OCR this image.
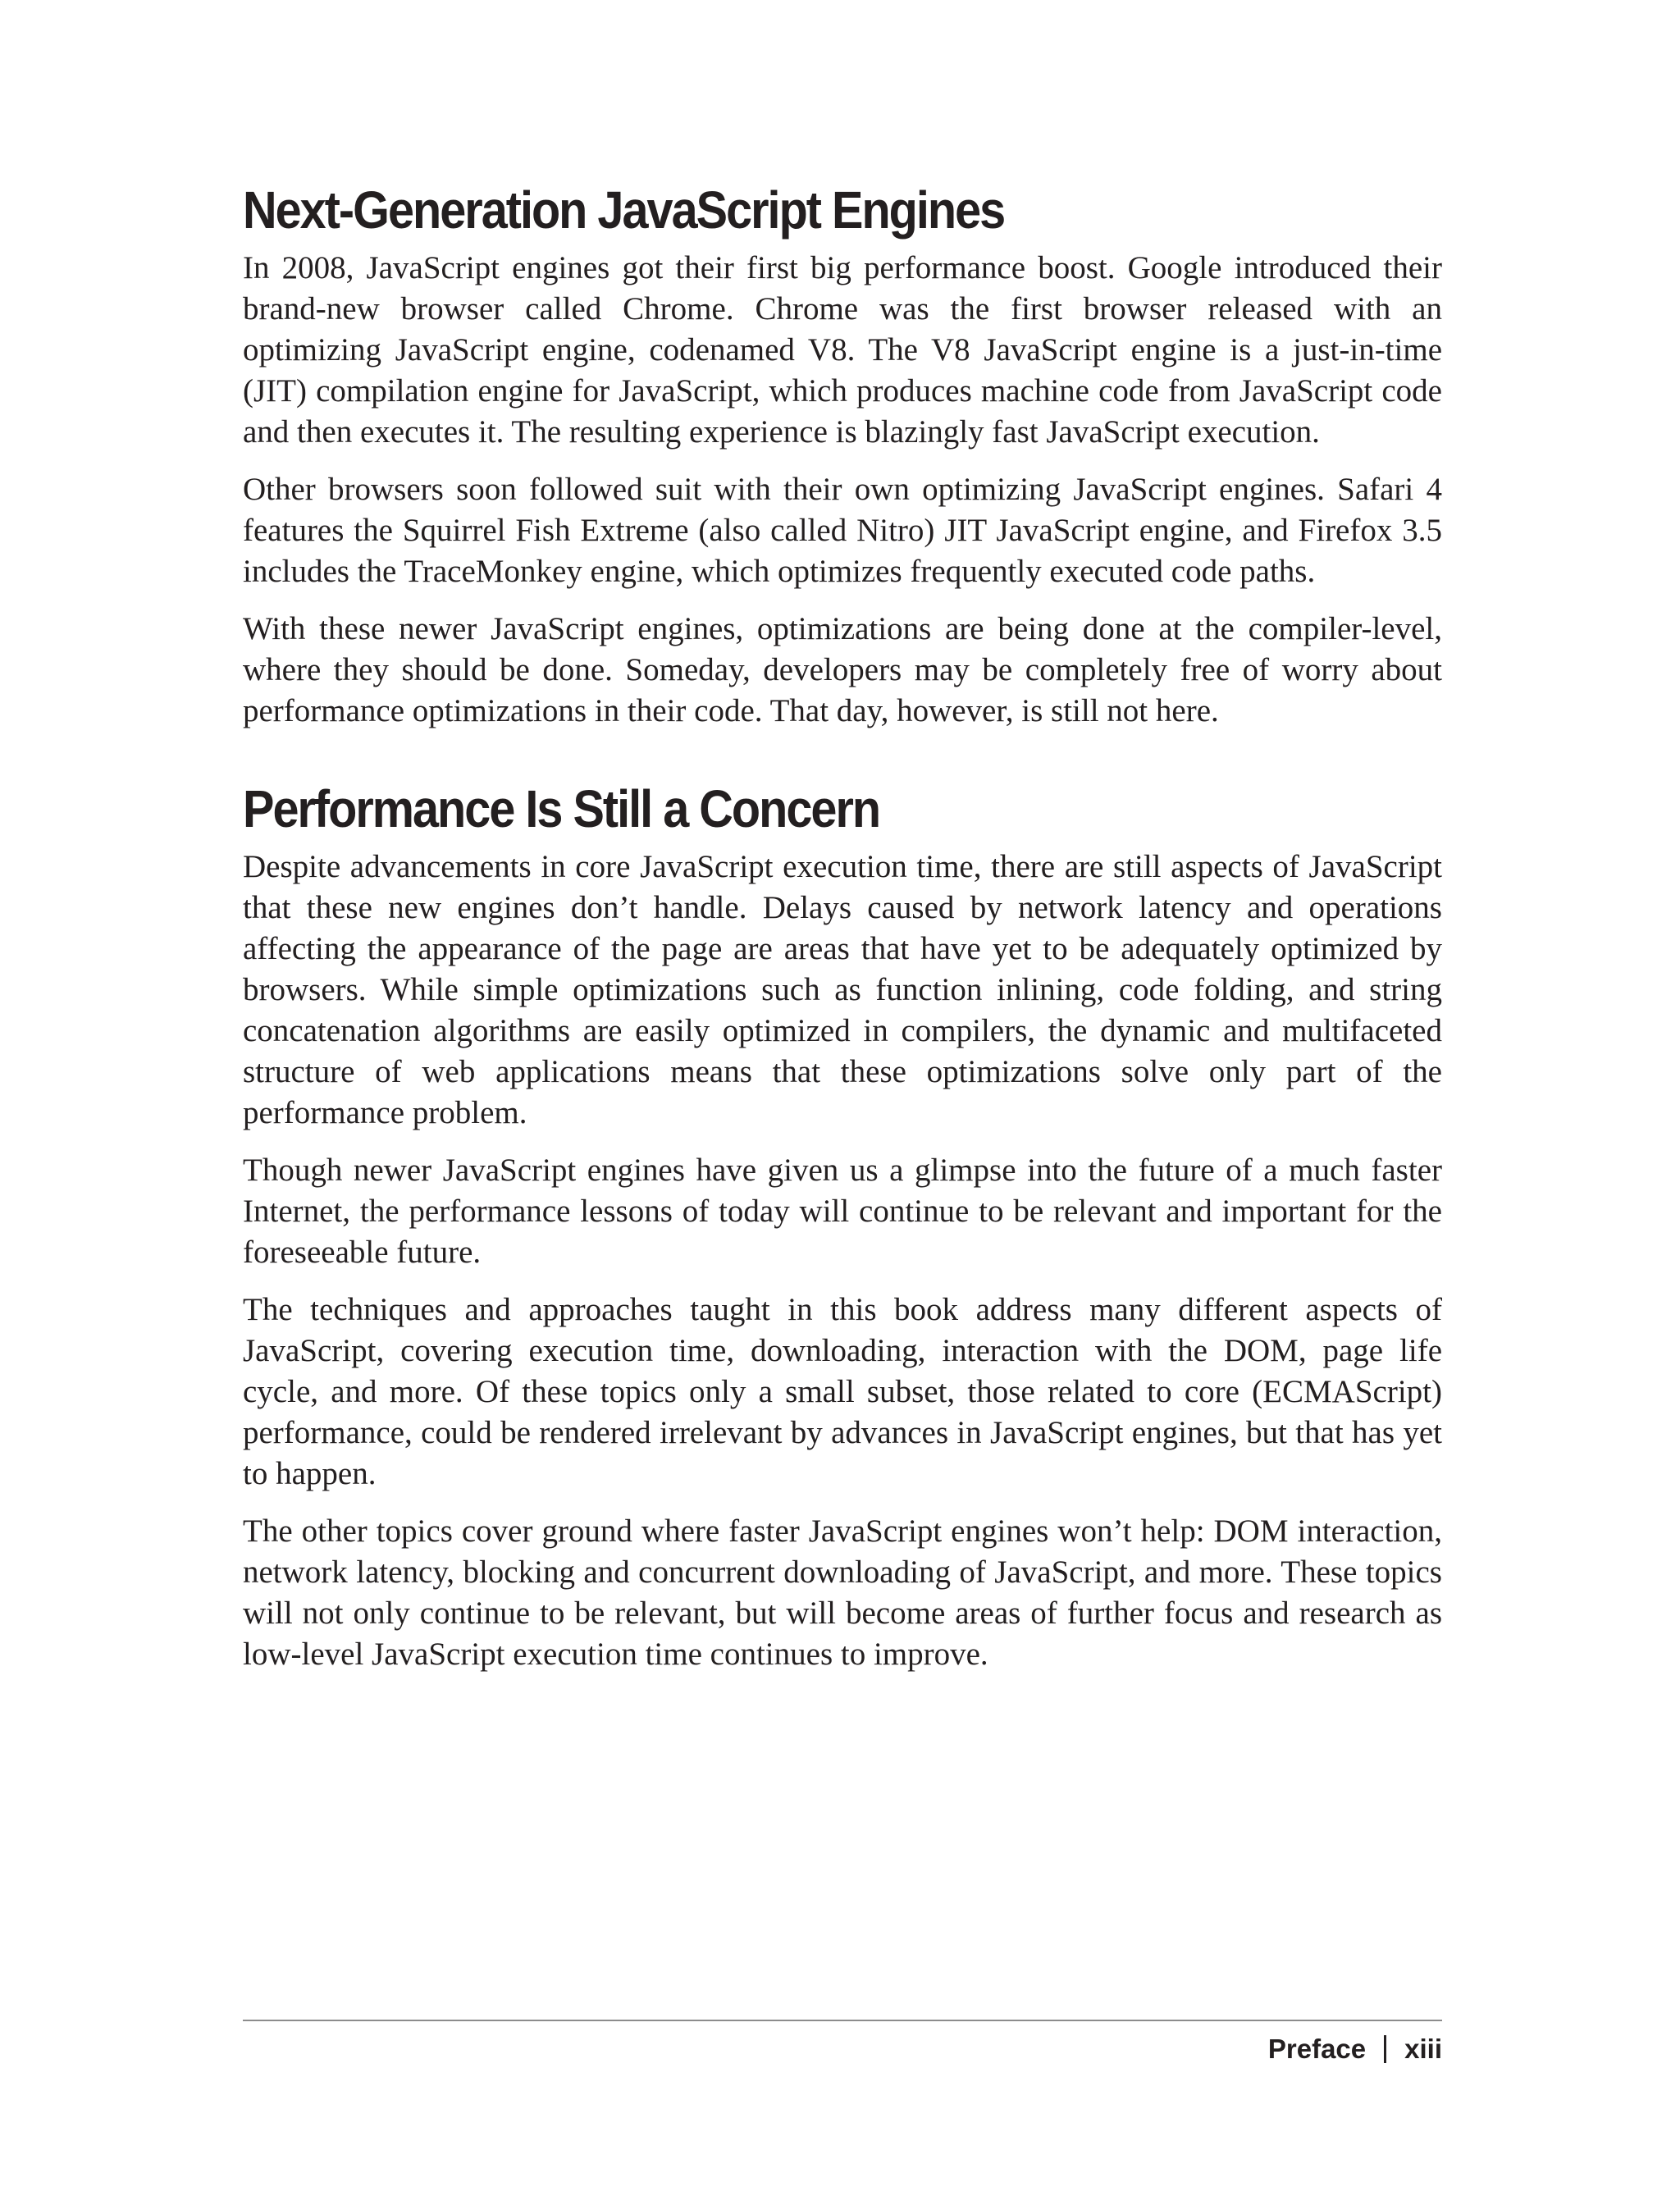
Next-Generation JavaScript Engines

In 2008, JavaScript engines got their first big performance boost. Google introduced their brand-new browser called Chrome. Chrome was the first browser released with an optimizing JavaScript engine, codenamed V8. The V8 JavaScript engine is a just-in-time (JIT) compilation engine for JavaScript, which produces machine code from JavaScript code and then executes it. The resulting experience is blazingly fast JavaScript execution.

Other browsers soon followed suit with their own optimizing JavaScript engines. Safari 4 features the Squirrel Fish Extreme (also called Nitro) JIT JavaScript engine, and Firefox 3.5 includes the TraceMonkey engine, which optimizes frequently executed code paths.

With these newer JavaScript engines, optimizations are being done at the compiler-level, where they should be done. Someday, developers may be completely free of worry about performance optimizations in their code. That day, however, is still not here.

Performance Is Still a Concern

Despite advancements in core JavaScript execution time, there are still aspects of JavaScript that these new engines don’t handle. Delays caused by network latency and operations affecting the appearance of the page are areas that have yet to be adequately optimized by browsers. While simple optimizations such as function inlining, code folding, and string concatenation algorithms are easily optimized in compilers, the dynamic and multifaceted structure of web applications means that these optimizations solve only part of the performance problem.

Though newer JavaScript engines have given us a glimpse into the future of a much faster Internet, the performance lessons of today will continue to be relevant and important for the foreseeable future.

The techniques and approaches taught in this book address many different aspects of JavaScript, covering execution time, downloading, interaction with the DOM, page life cycle, and more. Of these topics only a small subset, those related to core (ECMAScript) performance, could be rendered irrelevant by advances in JavaScript engines, but that has yet to happen.

The other topics cover ground where faster JavaScript engines won’t help: DOM interaction, network latency, blocking and concurrent downloading of JavaScript, and more. These topics will not only continue to be relevant, but will become areas of further focus and research as low-level JavaScript execution time continues to improve.

Preface xiii
